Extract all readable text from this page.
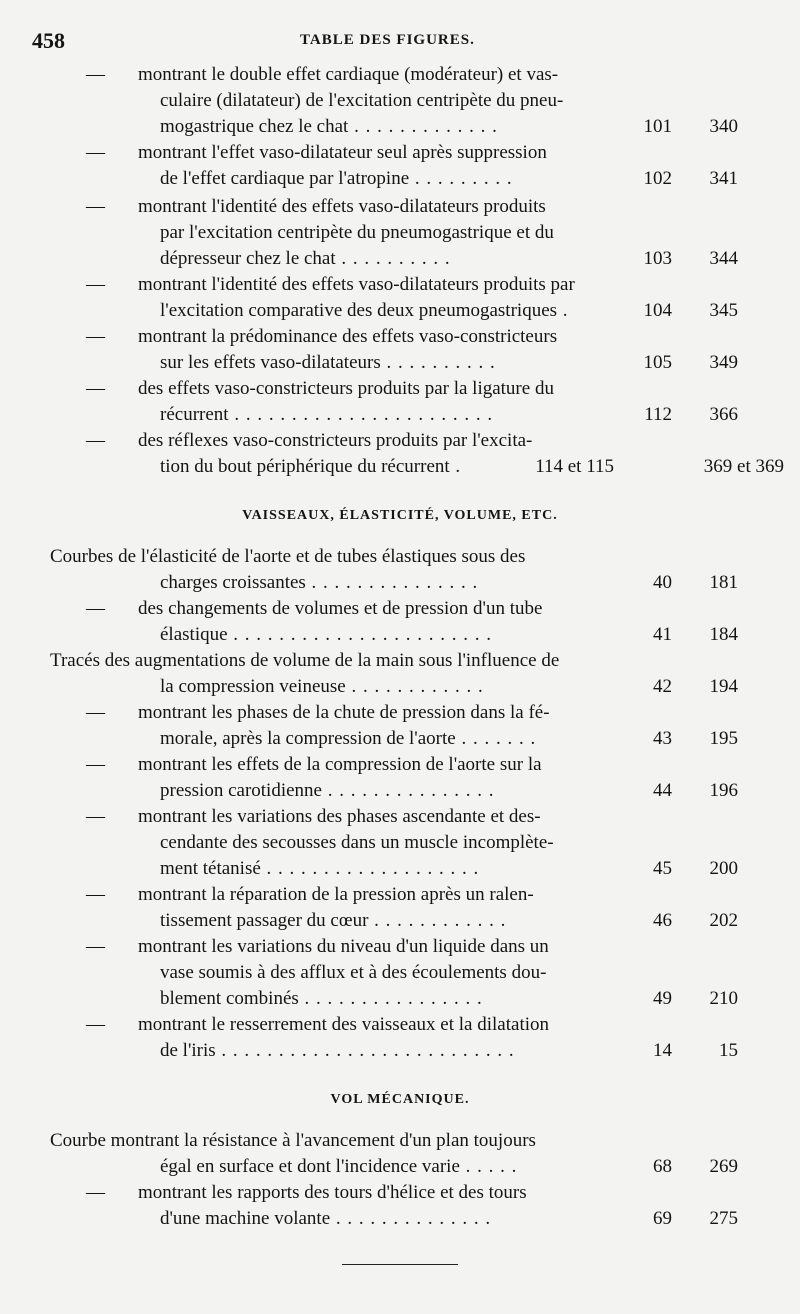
458	TABLE DES FIGURES.
— montrant le double effet cardiaque (modérateur) et vas-
culaire (dilatateur) de l'excitation centripète du pneu-
mogastrique chez le chat . . . . . . . . . . . . .	101 340
— montrant l'effet vaso-dilatateur seul après suppression
de l'effet cardiaque par l'atropine . . . . . . . . .	102 341
— montrant l'identité des effets vaso-dilatateurs produits
par l'excitation centripète du pneumogastrique et du
dépresseur chez le chat . . . . . . . . . .	103 344
— montrant l'identité des effets vaso-dilatateurs produits par
l'excitation comparative des deux pneumogastriques .	104 345
— montrant la prédominance des effets vaso-constricteurs
sur les effets vaso-dilatateurs . . . . . . . . . .	105 349
— des effets vaso-constricteurs produits par la ligature du
récurrent . . . . . . . . . . . . . . . . . . . . . . .	112 366
— des réflexes vaso-constricteurs produits par l'excita-
tion du bout périphérique du récurrent .	114 et 115	369 et 369
VAISSEAUX, ÉLASTICITÉ, VOLUME, ETC.
Courbes de l'élasticité de l'aorte et de tubes élastiques sous des
charges croissantes . . . . . . . . . . . . . . .	40 181
— des changements de volumes et de pression d'un tube
élastique . . . . . . . . . . . . . . . . . . . . . . .	41 184
Tracés des augmentations de volume de la main sous l'influence de
la compression veineuse . . . . . . . . . . . .	42 194
— montrant les phases de la chute de pression dans la fé-
morale, après la compression de l'aorte . . . . . . .	43 195
— montrant les effets de la compression de l'aorte sur la
pression carotidienne . . . . . . . . . . . . . . .	44 196
— montrant les variations des phases ascendante et des-
cendante des secousses dans un muscle incomplète-
ment tétanisé . . . . . . . . . . . . . . . . . . .	45 200
— montrant la réparation de la pression après un ralen-
tissement passager du cœur . . . . . . . . . . . .	46 202
— montrant les variations du niveau d'un liquide dans un
vase soumis à des afflux et à des écoulements dou-
blement combinés . . . . . . . . . . . . . . . .	49 210
— montrant le resserrement des vaisseaux et la dilatation
de l'iris . . . . . . . . . . . . . . . . . . . . . . . . . .	14 15
VOL MÉCANIQUE.
Courbe montrant la résistance à l'avancement d'un plan toujours
égal en surface et dont l'incidence varie . . . . .	68 269
— montrant les rapports des tours d'hélice et des tours
d'une machine volante . . . . . . . . . . . . . .	69 275
